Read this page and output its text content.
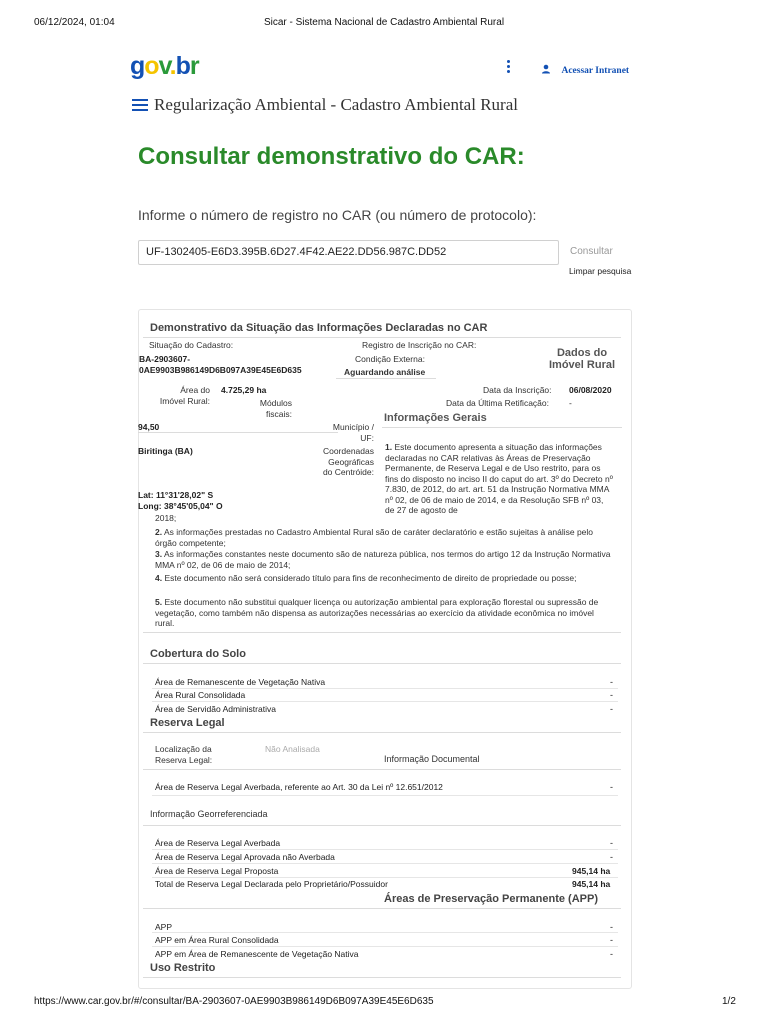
06/12/2024, 01:04	Sicar - Sistema Nacional de Cadastro Ambiental Rural
gov.br	Acessar Intranet
Regularização Ambiental - Cadastro Ambiental Rural
Consultar demonstrativo do CAR:
Informe o número de registro no CAR (ou número de protocolo):
UF-1302405-E6D3.395B.6D27.4F42.AE22.DD56.987C.DD52	Consultar
Limpar pesquisa
Demonstrativo da Situação das Informações Declaradas no CAR
Situação do Cadastro:
BA-2903607-
0AE9903B986149D6B097A39E45E6D635
Registro de Inscrição no CAR:
Condição Externa:
Aguardando análise
Dados do
Imóvel Rural
Área do
Imóvel Rural:
4.725,29 ha
Módulos
fiscais:
94,50
Data da Inscrição: 06/08/2020
Data da Última Retificação: -
Informações Gerais
Município /
UF:
Biritinga (BA)	Coordenadas
Geográficas
do Centróide:
Lat: 11°31'28,02" S
Long: 38°45'05,04" O
1. Este documento apresenta a situação das informações declaradas no CAR relativas às Áreas de Preservação Permanente, de Reserva Legal e de Uso restrito, para os fins do disposto no inciso II do caput do art. 3º do Decreto nº 7.830, de 2012, do art. art. 51 da Instrução Normativa MMA nº 02, de 06 de maio de 2014, e da Resolução SFB nº 03, de 27 de agosto de
2018;
2. As informações prestadas no Cadastro Ambiental Rural são de caráter declaratório e estão sujeitas à análise pelo órgão competente;
3. As informações constantes neste documento são de natureza pública, nos termos do artigo 12 da Instrução Normativa MMA nº 02, de 06 de maio de 2014;
4. Este documento não será considerado título para fins de reconhecimento de direito de propriedade ou posse;
5. Este documento não substitui qualquer licença ou autorização ambiental para exploração florestal ou supressão de vegetação, como também não dispensa as autorizações necessárias ao exercício da atividade econômica no imóvel rural.
Cobertura do Solo
Área de Remanescente de Vegetação Nativa	-
Área Rural Consolidada	-
Área de Servidão Administrativa	-
Reserva Legal
Localização da
Reserva Legal:
Não Analisada
Informação Documental
Área de Reserva Legal Averbada, referente ao Art. 30 da Lei nº 12.651/2012	-
Informação Georreferenciada
Área de Reserva Legal Averbada	-
Área de Reserva Legal Aprovada não Averbada	-
Área de Reserva Legal Proposta	945,14 ha
Total de Reserva Legal Declarada pelo Proprietário/Possuidor	945,14 ha
Áreas de Preservação Permanente (APP)
APP	-
APP em Área Rural Consolidada	-
APP em Área de Remanescente de Vegetação Nativa	-
Uso Restrito
https://www.car.gov.br/#/consultar/BA-2903607-0AE9903B986149D6B097A39E45E6D635	1/2
